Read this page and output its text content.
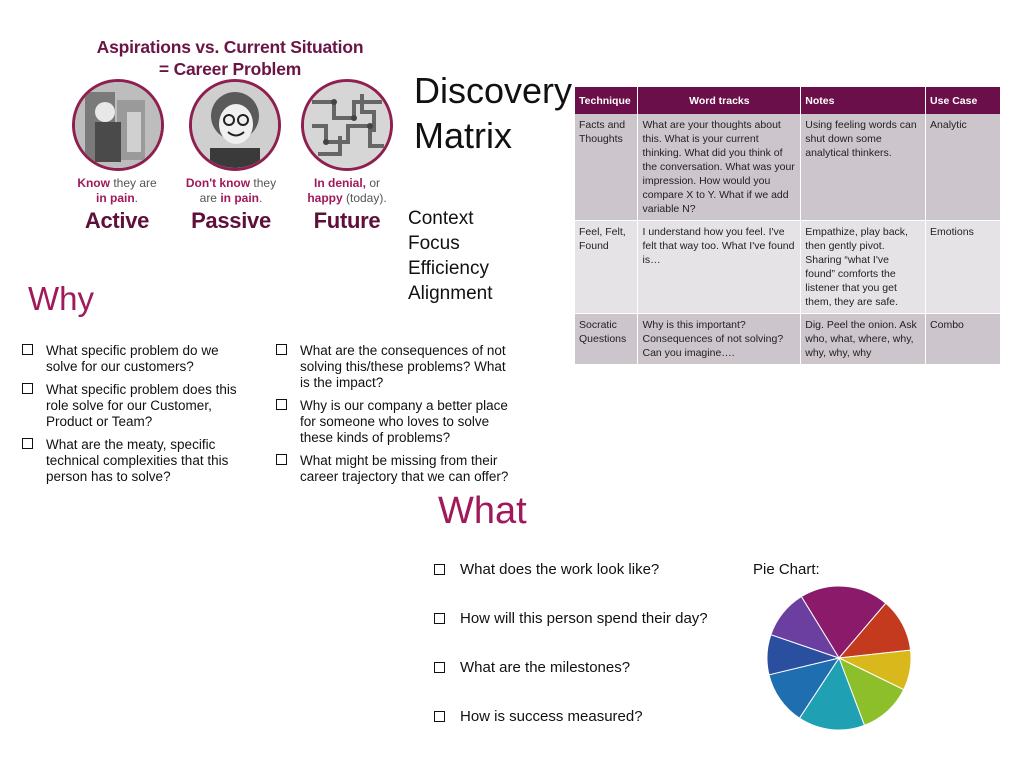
Aspirations vs. Current Situation
= Career Problem
Know they are
in pain.
Don't know they
are in pain.
In denial, or
happy (today).
Active	Passive	Future
Discovery
Matrix
Context
Focus
Efficiency
Alignment
Technique	Word tracks	Notes	Use Case
Facts and Thoughts	What are your thoughts about this. What is your current thinking. What did you think of the conversation. What was your impression. How would you compare X to Y. What if we add variable N?	Using feeling words can shut down some analytical thinkers.	Analytic
Feel, Felt, Found	I understand how you feel. I've felt that way too. What I've found is…	Empathize, play back, then gently pivot. Sharing “what I've found” comforts the listener that you get them, they are safe.	Emotions
Socratic Questions	Why is this important? Consequences of not solving? Can you imagine….	Dig. Peel the onion. Ask who, what, where, why, why, why, why	Combo
Why
What specific problem do we solve for our customers?
What specific problem does this role solve for our Customer, Product or Team?
What are the meaty, specific technical complexities that this person has to solve?
What are the consequences of not solving this/these problems? What is the impact?
Why is our company a better place for someone who loves to solve these kinds of problems?
What might be missing from their career trajectory that we can offer?
What
What does the work look like?
How will this person spend their day?
What are the milestones?
How is success measured?
Pie Chart:
